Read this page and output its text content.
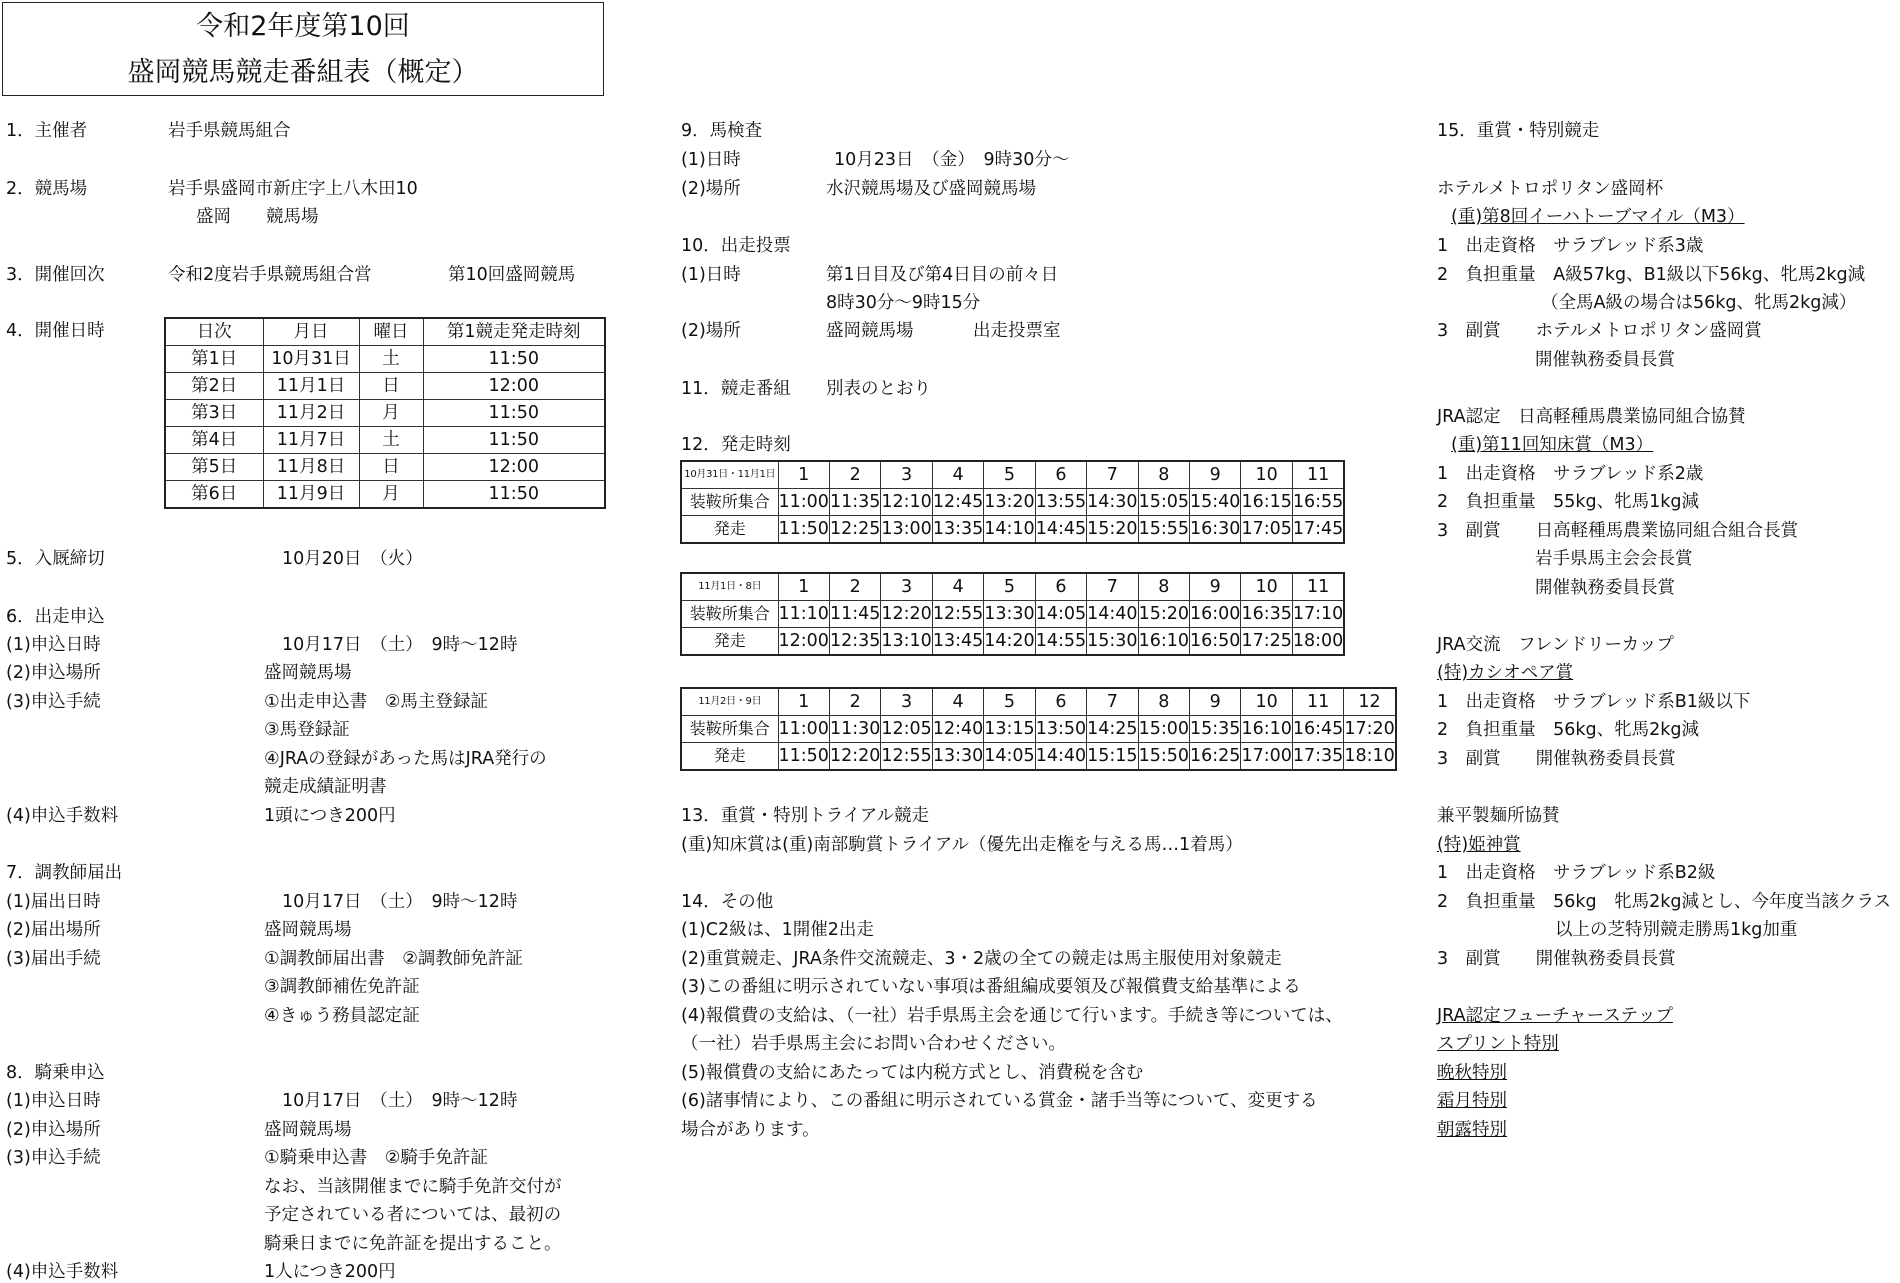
令和2年度第10回
盛岡競馬競走番組表（概定）
1．主催者	岩手県競馬組合
2．競馬場	岩手県盛岡市新庄字上八木田10
盛岡　　競馬場
3．開催回次	令和2度岩手県競馬組合営	第10回盛岡競馬
4．開催日時	日次	月日	曜日	第1競走発走時刻
第1日	10月31日	土	11:50
第2日	11月1日	日	12:00
第3日	11月2日	月	11:50
第4日	11月7日	土	11:50
第5日	11月8日	日	12:00
第6日	11月9日	月	11:50
5．入厩締切	10月20日　（火）
6．出走申込
(1)申込日時	10月17日　（土）　9時～12時
(2)申込場所	盛岡競馬場
(3)申込手続	①出走申込書　②馬主登録証
③馬登録証
④JRAの登録があった馬はJRA発行の
競走成績証明書
(4)申込手数料	1頭につき200円
7．調教師届出
(1)届出日時	10月17日　（土）　9時～12時
(2)届出場所	盛岡競馬場
(3)届出手続	①調教師届出書　②調教師免許証
③調教師補佐免許証
④きゅう務員認定証
8．騎乗申込
(1)申込日時	10月17日　（土）　9時～12時
(2)申込場所	盛岡競馬場
(3)申込手続	①騎乗申込書　②騎手免許証
なお、当該開催までに騎手免許交付が
予定されている者については、最初の
騎乗日までに免許証を提出すること。
(4)申込手数料	1人につき200円
9．馬検査
(1)日時	10月23日　（金）　9時30分～
(2)場所	水沢競馬場及び盛岡競馬場
10．出走投票
(1)日時	第1日目及び第4日目の前々日
8時30分～9時15分
(2)場所	盛岡競馬場	出走投票室
11．競走番組 別表のとおり
12．発走時刻
10月31日・11月1日	1	2	3	4	5	6	7	8	9	10	11
装鞍所集合	11:00	11:35	12:10	12:45	13:20	13:55	14:30	15:05	15:40	16:15	16:55
発走	11:50	12:25	13:00	13:35	14:10	14:45	15:20	15:55	16:30	17:05	17:45
11月1日・8日	1	2	3	4	5	6	7	8	9	10	11
装鞍所集合	11:10	11:45	12:20	12:55	13:30	14:05	14:40	15:20	16:00	16:35	17:10
発走	12:00	12:35	13:10	13:45	14:20	14:55	15:30	16:10	16:50	17:25	18:00
11月2日・9日	1	2	3	4	5	6	7	8	9	10	11	12
装鞍所集合	11:00	11:30	12:05	12:40	13:15	13:50	14:25	15:00	15:35	16:10	16:45	17:20
発走	11:50	12:20	12:55	13:30	14:05	14:40	15:15	15:50	16:25	17:00	17:35	18:10
13．重賞・特別トライアル競走
(重)知床賞は(重)南部駒賞トライアル（優先出走権を与える馬…1着馬）
14．その他
(1)C2級は、1開催2出走
(2)重賞競走、JRA条件交流競走、3・2歳の全ての競走は馬主服使用対象競走
(3)この番組に明示されていない事項は番組編成要領及び報償費支給基準による
(4)報償費の支給は、（一社）岩手県馬主会を通じて行います。手続き等については、
（一社）岩手県馬主会にお問い合わせください。
(5)報償費の支給にあたっては内税方式とし、消費税を含む
(6)諸事情により、この番組に明示されている賞金・諸手当等について、変更する
場合があります。
15．重賞・特別競走
ホテルメトロポリタン盛岡杯
(重)第8回イーハトーブマイル（M3）
1　出走資格　サラブレッド系3歳
2　負担重量　A級57kg、B1級以下56kg、牝馬2kg減
（全馬A級の場合は56kg、牝馬2kg減）
3　副賞　　ホテルメトロポリタン盛岡賞
開催執務委員長賞
JRA認定　日高軽種馬農業協同組合協賛
(重)第11回知床賞（M3）
1　出走資格　サラブレッド系2歳
2　負担重量　55kg、牝馬1kg減
3　副賞　　日高軽種馬農業協同組合組合長賞
岩手県馬主会会長賞
開催執務委員長賞
JRA交流　フレンドリーカップ
(特)カシオペア賞
1　出走資格　サラブレッド系B1級以下
2　負担重量　56kg、牝馬2kg減
3　副賞　　開催執務委員長賞
兼平製麺所協賛
(特)姫神賞
1　出走資格　サラブレッド系B2級
2　負担重量　56kg　牝馬2kg減とし、今年度当該クラス
以上の芝特別競走勝馬1kg加重
3　副賞　　開催執務委員長賞
JRA認定フューチャーステップ
スプリント特別
晩秋特別
霜月特別
朝露特別
